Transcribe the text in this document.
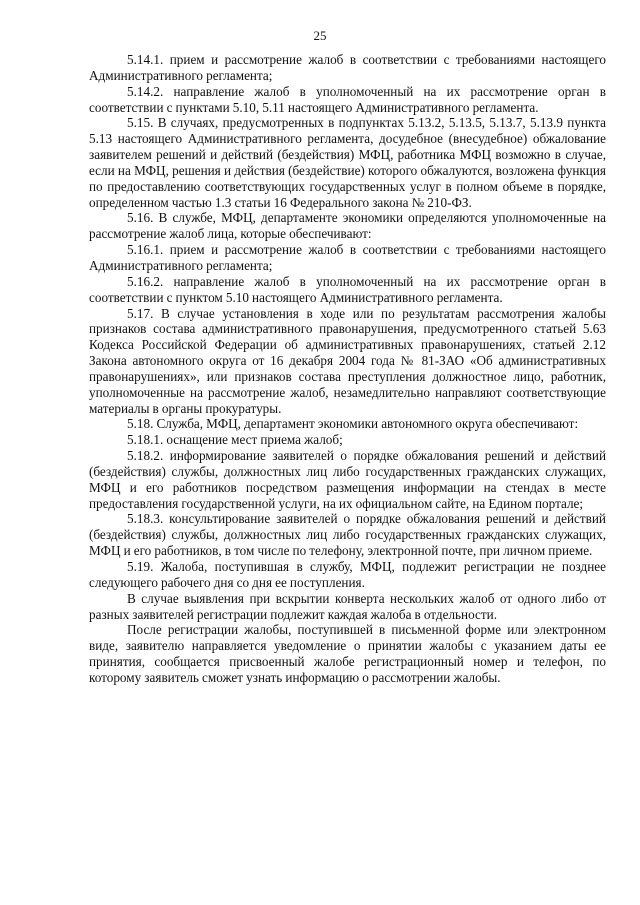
25

5.14.1. прием и рассмотрение жалоб в соответствии с требованиями настоящего Административного регламента;

5.14.2. направление жалоб в уполномоченный на их рассмотрение орган в соответствии с пунктами 5.10, 5.11 настоящего Административного регламента.

5.15. В случаях, предусмотренных в подпунктах 5.13.2, 5.13.5, 5.13.7, 5.13.9 пункта 5.13 настоящего Административного регламента, досудебное (внесудебное) обжалование заявителем решений и действий (бездействия) МФЦ, работника МФЦ возможно в случае, если на МФЦ, решения и действия (бездействие) которого обжалуются, возложена функция по предоставлению соответствующих государственных услуг в полном объеме в порядке, определенном частью 1.3 статьи 16 Федерального закона № 210-ФЗ.

5.16. В службе, МФЦ, департаменте экономики определяются уполномоченные на рассмотрение жалоб лица, которые обеспечивают:

5.16.1. прием и рассмотрение жалоб в соответствии с требованиями настоящего Административного регламента;

5.16.2. направление жалоб в уполномоченный на их рассмотрение орган в соответствии с пунктом 5.10 настоящего Административного регламента.

5.17. В случае установления в ходе или по результатам рассмотрения жалобы признаков состава административного правонарушения, предусмотренного статьей 5.63 Кодекса Российской Федерации об административных правонарушениях, статьей 2.12 Закона автономного округа от 16 декабря 2004 года № 81-ЗАО «Об административных правонарушениях», или признаков состава преступления должностное лицо, работник, уполномоченные на рассмотрение жалоб, незамедлительно направляют соответствующие материалы в органы прокуратуры.

5.18. Служба, МФЦ, департамент экономики автономного округа обеспечивают:

5.18.1. оснащение мест приема жалоб;

5.18.2. информирование заявителей о порядке обжалования решений и действий (бездействия) службы, должностных лиц либо государственных гражданских служащих, МФЦ и его работников посредством размещения информации на стендах в месте предоставления государственной услуги, на их официальном сайте, на Едином портале;

5.18.3. консультирование заявителей о порядке обжалования решений и действий (бездействия) службы, должностных лиц либо государственных гражданских служащих, МФЦ и его работников, в том числе по телефону, электронной почте, при личном приеме.

5.19. Жалоба, поступившая в службу, МФЦ, подлежит регистрации не позднее следующего рабочего дня со дня ее поступления.

В случае выявления при вскрытии конверта нескольких жалоб от одного либо от разных заявителей регистрации подлежит каждая жалоба в отдельности.

После регистрации жалобы, поступившей в письменной форме или электронном виде, заявителю направляется уведомление о принятии жалобы с указанием даты ее принятия, сообщается присвоенный жалобе регистрационный номер и телефон, по которому заявитель сможет узнать информацию о рассмотрении жалобы.
